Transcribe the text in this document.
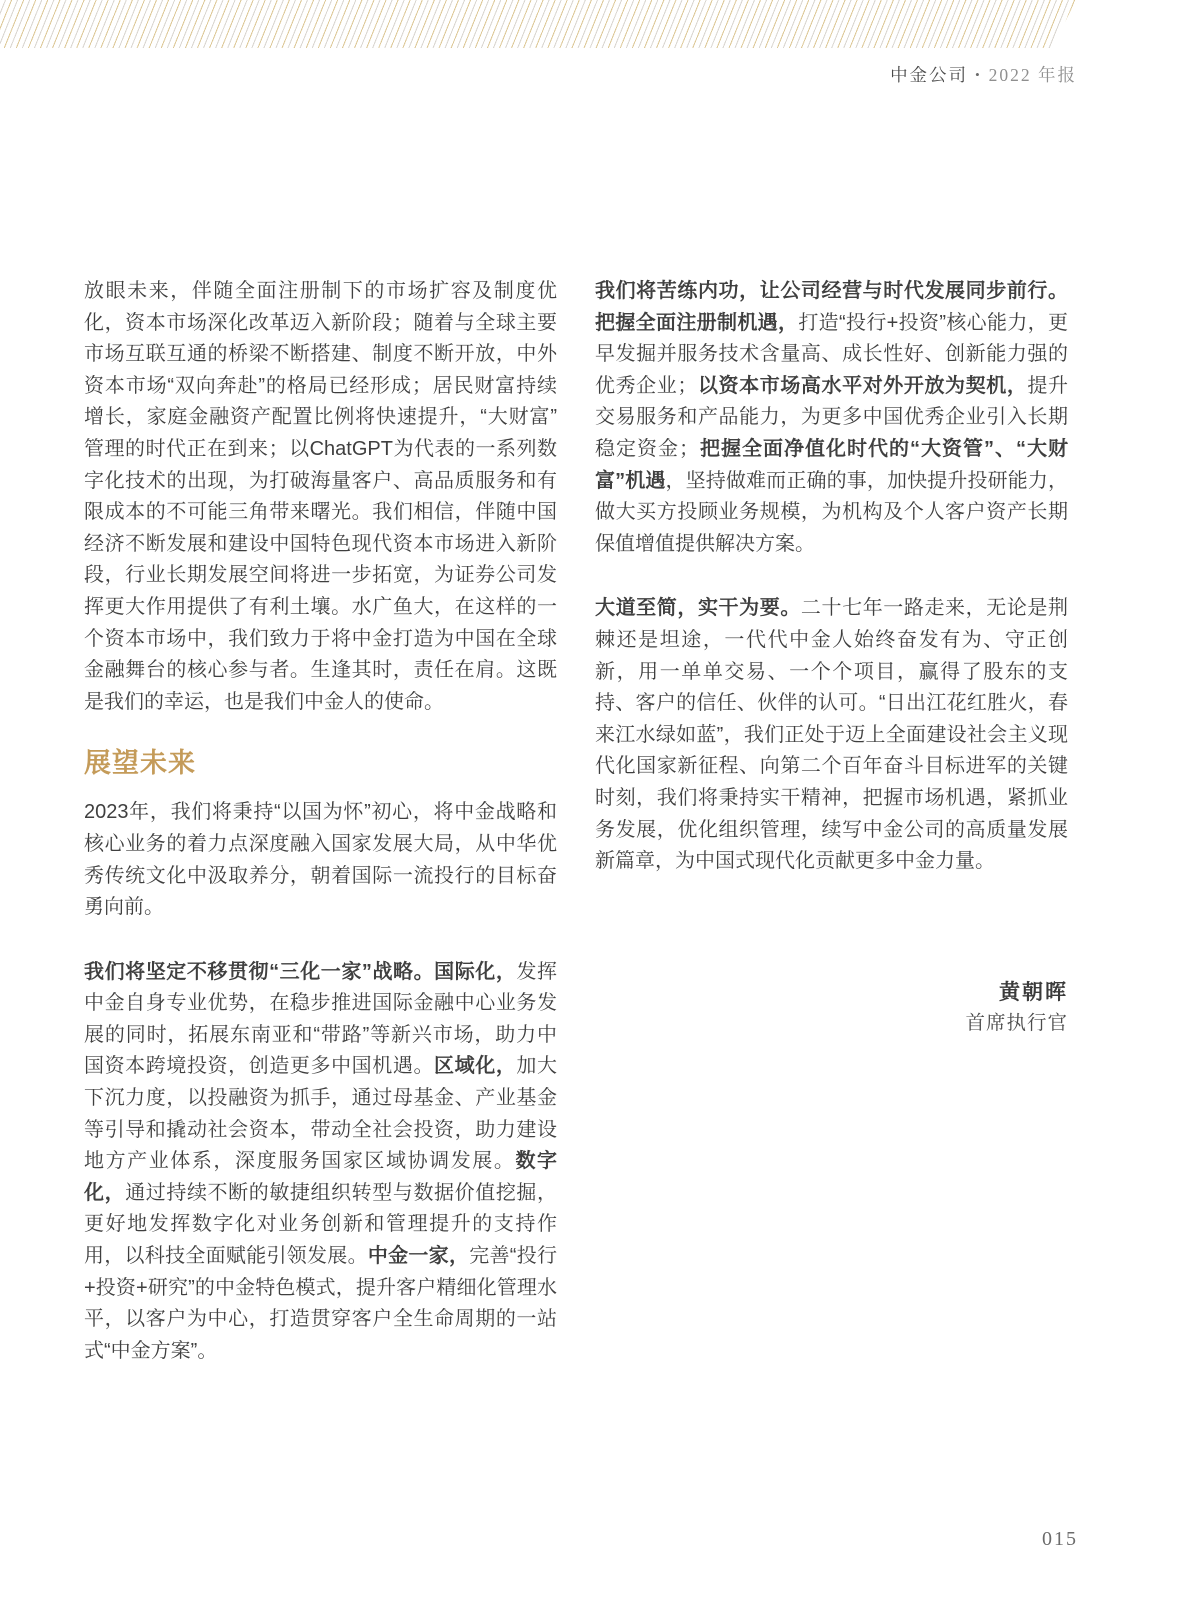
中金公司 • 2022 年报

放眼未来，伴随全面注册制下的市场扩容及制度优化，资本市场深化改革迈入新阶段；随着与全球主要市场互联互通的桥梁不断搭建、制度不断开放，中外资本市场“双向奔赴”的格局已经形成；居民财富持续增长，家庭金融资产配置比例将快速提升，“大财富”管理的时代正在到来；以ChatGPT为代表的一系列数字化技术的出现，为打破海量客户、高品质服务和有限成本的不可能三角带来曙光。我们相信，伴随中国经济不断发展和建设中国特色现代资本市场进入新阶段，行业长期发展空间将进一步拓宽，为证券公司发挥更大作用提供了有利土壤。水广鱼大，在这样的一个资本市场中，我们致力于将中金打造为中国在全球金融舞台的核心参与者。生逢其时，责任在肩。这既是我们的幸运，也是我们中金人的使命。

展望未来

2023年，我们将秉持“以国为怀”初心，将中金战略和核心业务的着力点深度融入国家发展大局，从中华优秀传统文化中汲取养分，朝着国际一流投行的目标奋勇向前。

我们将坚定不移贯彻“三化一家”战略。国际化，发挥中金自身专业优势，在稳步推进国际金融中心业务发展的同时，拓展东南亚和“带路”等新兴市场，助力中国资本跨境投资，创造更多中国机遇。区域化，加大下沉力度，以投融资为抓手，通过母基金、产业基金等引导和撬动社会资本，带动全社会投资，助力建设地方产业体系，深度服务国家区域协调发展。数字化，通过持续不断的敏捷组织转型与数据价值挖掘，更好地发挥数字化对业务创新和管理提升的支持作用，以科技全面赋能引领发展。中金一家，完善“投行+投资+研究”的中金特色模式，提升客户精细化管理水平，以客户为中心，打造贯穿客户全生命周期的一站式“中金方案”。

我们将苦练内功，让公司经营与时代发展同步前行。把握全面注册制机遇，打造“投行+投资”核心能力，更早发掘并服务技术含量高、成长性好、创新能力强的优秀企业；以资本市场高水平对外开放为契机，提升交易服务和产品能力，为更多中国优秀企业引入长期稳定资金；把握全面净值化时代的“大资管”、“大财富”机遇，坚持做难而正确的事，加快提升投研能力，做大买方投顾业务规模，为机构及个人客户资产长期保值增值提供解决方案。

大道至简，实干为要。二十七年一路走来，无论是荆棘还是坦途，一代代中金人始终奋发有为、守正创新，用一单单交易、一个个项目，赢得了股东的支持、客户的信任、伙伴的认可。“日出江花红胜火，春来江水绿如蓝”，我们正处于迈上全面建设社会主义现代化国家新征程、向第二个百年奋斗目标进军的关键时刻，我们将秉持实干精神，把握市场机遇，紧抓业务发展，优化组织管理，续写中金公司的高质量发展新篇章，为中国式现代化贡献更多中金力量。

黄朝晖
首席执行官
015
